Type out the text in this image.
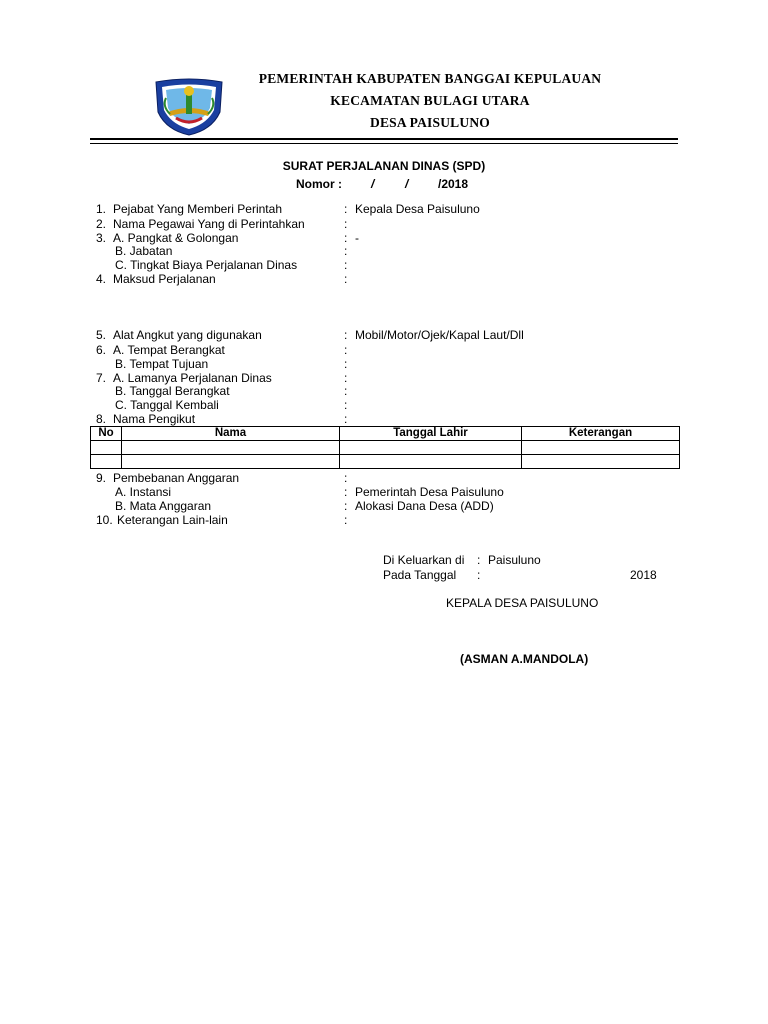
PEMERINTAH KABUPATEN BANGGAI KEPULAUAN
KECAMATAN BULAGI UTARA
DESA PAISULUNO
SURAT PERJALANAN DINAS (SPD)
Nomor : /	/ /2018
1. Pejabat Yang Memberi Perintah	: Kepala Desa Paisuluno
2. Nama Pegawai Yang di Perintahkan	:
3. A. Pangkat & Golongan	: -
B. Jabatan	:
C. Tingkat Biaya Perjalanan Dinas	:
4. Maksud Perjalanan	:
5. Alat Angkut yang digunakan	: Mobil/Motor/Ojek/Kapal Laut/Dll
6. A. Tempat Berangkat	:
B. Tempat Tujuan	:
7. A. Lamanya Perjalanan Dinas	:
B. Tanggal Berangkat	:
C. Tanggal Kembali	:
8. Nama Pengikut	:
No	Nama	Tanggal Lahir	Keterangan

9. Pembebanan Anggaran	:
A. Instansi	: Pemerintah Desa Paisuluno
B. Mata Anggaran	: Alokasi Dana Desa (ADD)
10. Keterangan Lain-lain	:
Di Keluarkan di : Paisuluno
Pada Tanggal :	2018
KEPALA DESA PAISULUNO
(ASMAN A.MANDOLA)
